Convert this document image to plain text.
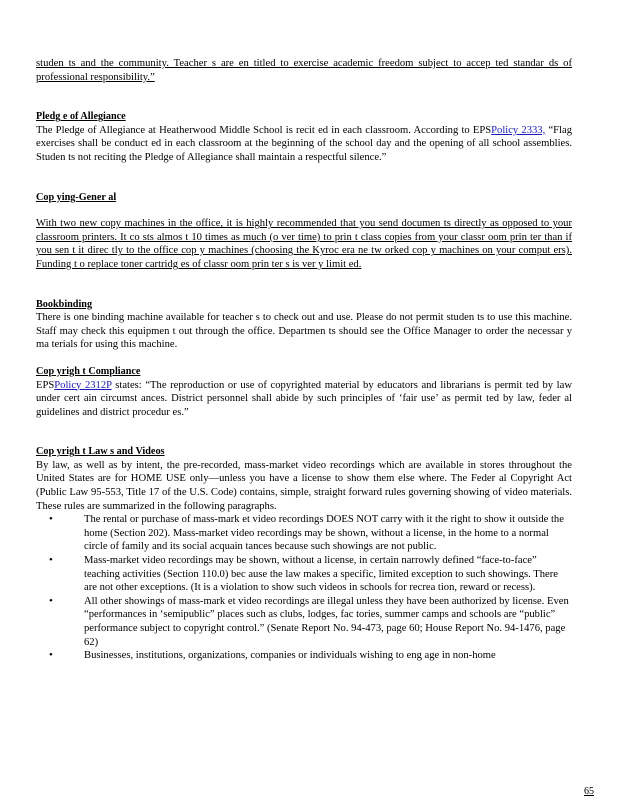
studen ts and the community. Teacher s are en titled to exercise academic freedom subject to accep ted standar ds of professional responsibility.”

Pledg e of Allegiance

The Pledge of Allegiance at Heatherwood Middle School is recit ed in each classroom. According to EPSPolicy 2333, “Flag exercises shall be conduct ed in each classroom at the beginning of the school day and the opening of all school assemblies. Studen ts not reciting the Pledge of Allegiance shall maintain a respectful silence.”

Cop ying-Gener al

With two new copy machines in the office, it is highly recommended that you send documen ts directly as opposed to your classroom printers. It co sts almos t 10 times as much (o ver time) to prin t class copies from your classr oom prin ter than if you sen t it direc tly to the office cop y machines (choosing the Kyroc era ne tw orked cop y machines on your comput ers). Funding t o replace toner cartridg es of classr oom prin ter s is ver y limit ed.

Bookbinding

There is one binding machine available for teacher s to check out and use. Please do not permit studen ts to use this machine. Staff may check this equipmen t out through the office. Departmen ts should see the Office Manager to order the necessar y ma terials for using this machine.

Cop yrigh t Compliance

EPSPolicy 2312P states: “The reproduction or use of copyrighted material by educators and librarians is permit ted by law under cert ain circumst ances. District personnel shall abide by such principles of ‘fair use’ as permit ted by law, feder al guidelines and district procedur es.”

Cop yrigh t Law s and Videos

By law, as well as by intent, the pre-recorded, mass-market video recordings which are available in stores throughout the United States are for HOME USE only—unless you have a license to show them else where. The Feder al Copyright Act (Public Law 95-553, Title 17 of the U.S. Code) contains, simple, straight forward rules governing showing of video materials. These rules are summarized in the following paragraphs.

• The rental or purchase of mass-mark et video recordings DOES NOT carry with it the right to show it outside the home (Section 202). Mass-market video recordings may be shown, without a license, in the home to a normal circle of family and its social acquain tances because such showings are not public.
• Mass-market video recordings may be shown, without a license, in certain narrowly defined “face-to-face” teaching activities (Section 110.0) bec ause the law makes a specific, limited exception to such showings. There are not other exceptions. (It is a violation to show such videos in schools for recrea tion, reward or recess).
• All other showings of mass-mark et video recordings are illegal unless they have been authorized by license. Even “performances in ‘semipublic” places such as clubs, lodges, fac tories, summer camps and schools are “public” performance subject to copyright control.” (Senate Report No. 94-473, page 60; House Report No. 94-1476, page 62)
• Businesses, institutions, organizations, companies or individuals wishing to eng age in non-home
65
